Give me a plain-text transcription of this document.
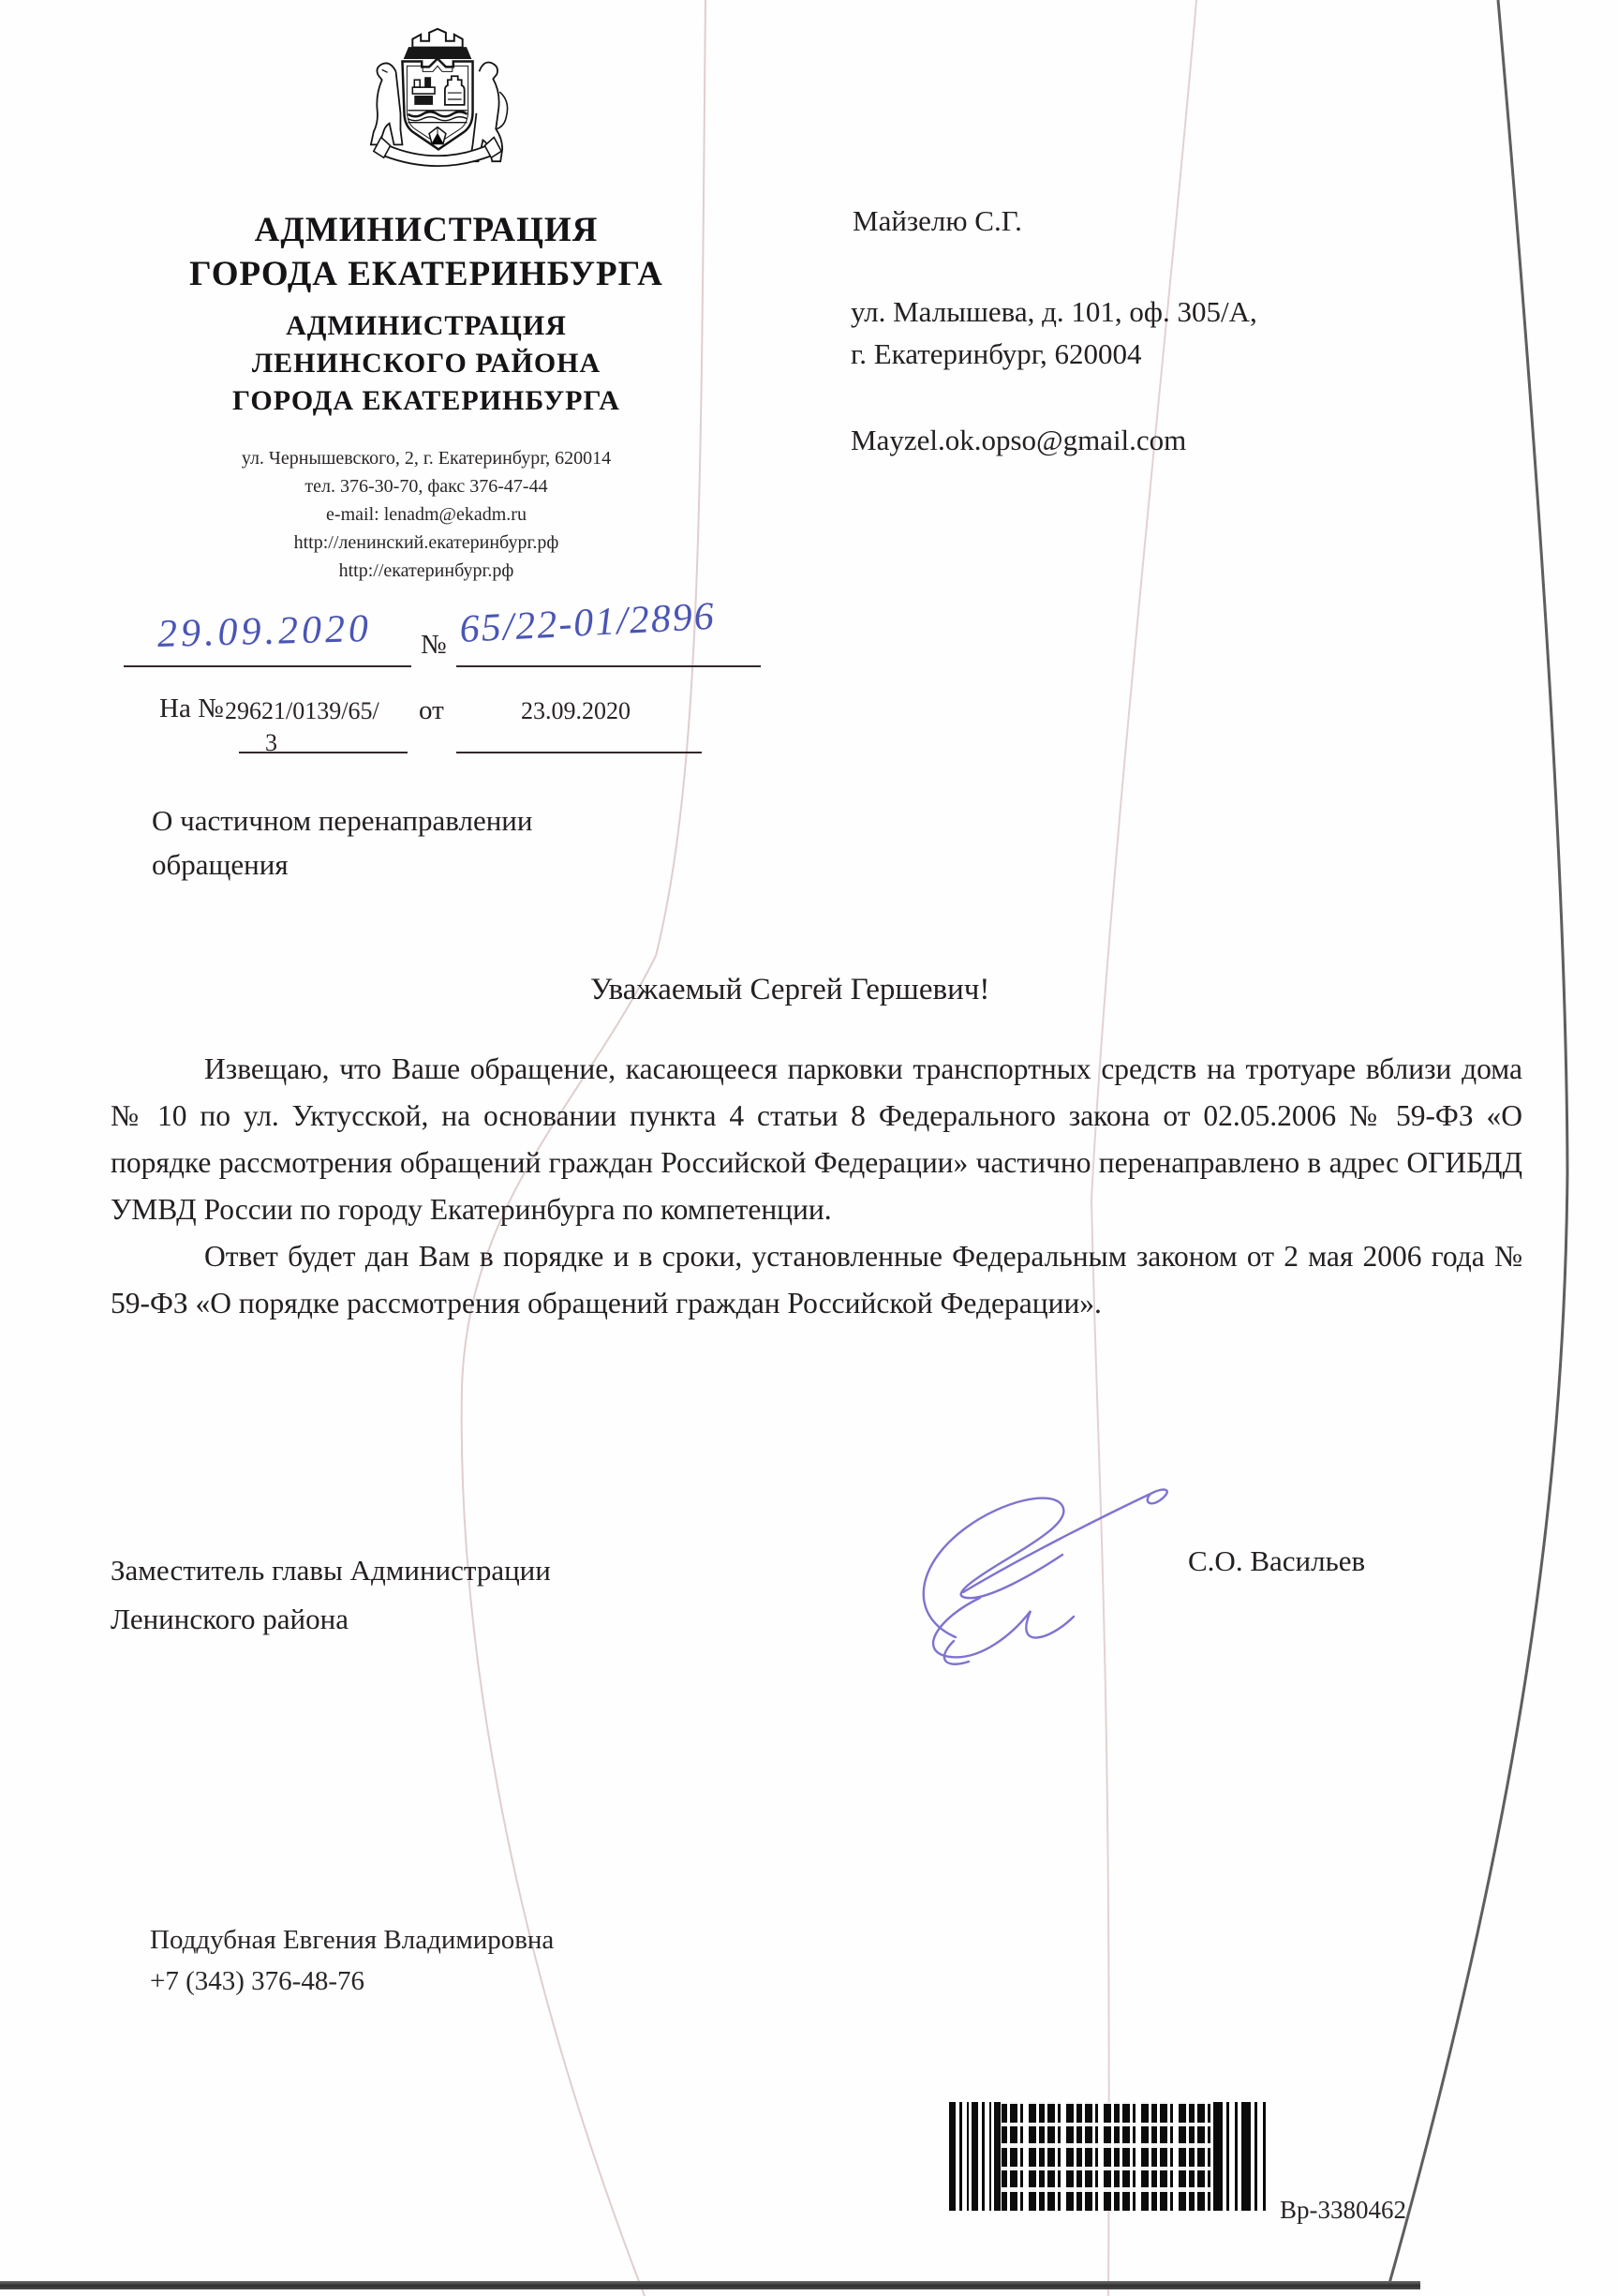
АДМИНИСТРАЦИЯ
ГОРОДА ЕКАТЕРИНБУРГА
АДМИНИСТРАЦИЯ
ЛЕНИНСКОГО РАЙОНА
ГОРОДА ЕКАТЕРИНБУРГА
ул. Чернышевского, 2, г. Екатеринбург, 620014
тел. 376-30-70, факс 376-47-44
e-mail: lenadm@ekadm.ru
http://ленинский.екатеринбург.рф
http://екатеринбург.рф
Майзелю С.Г.
ул. Малышева, д. 101, оф. 305/А,
г. Екатеринбург, 620004
Mayzel.ok.opso@gmail.com
29.09.2020 № 65/22-01/2896
На № 29621/0139/65/
3
от	23.09.2020
О частичном перенаправлении
обращения
Уважаемый Сергей Гершевич!

Извещаю, что Ваше обращение, касающееся парковки транспортных средств на тротуаре вблизи дома № 10 по ул. Уктусской, на основании пункта 4 статьи 8 Федерального закона от 02.05.2006 № 59-ФЗ «О порядке рассмотрения обращений граждан Российской Федерации» частично перенаправлено в адрес ОГИБДД УМВД России по городу Екатеринбурга по компетенции.

Ответ будет дан Вам в порядке и в сроки, установленные Федеральным законом от 2 мая 2006 года № 59-ФЗ «О порядке рассмотрения обращений граждан Российской Федерации».

Заместитель главы Администрации
Ленинского района
С.О. Васильев
Поддубная Евгения Владимировна
+7 (343) 376-48-76
Вр-3380462
